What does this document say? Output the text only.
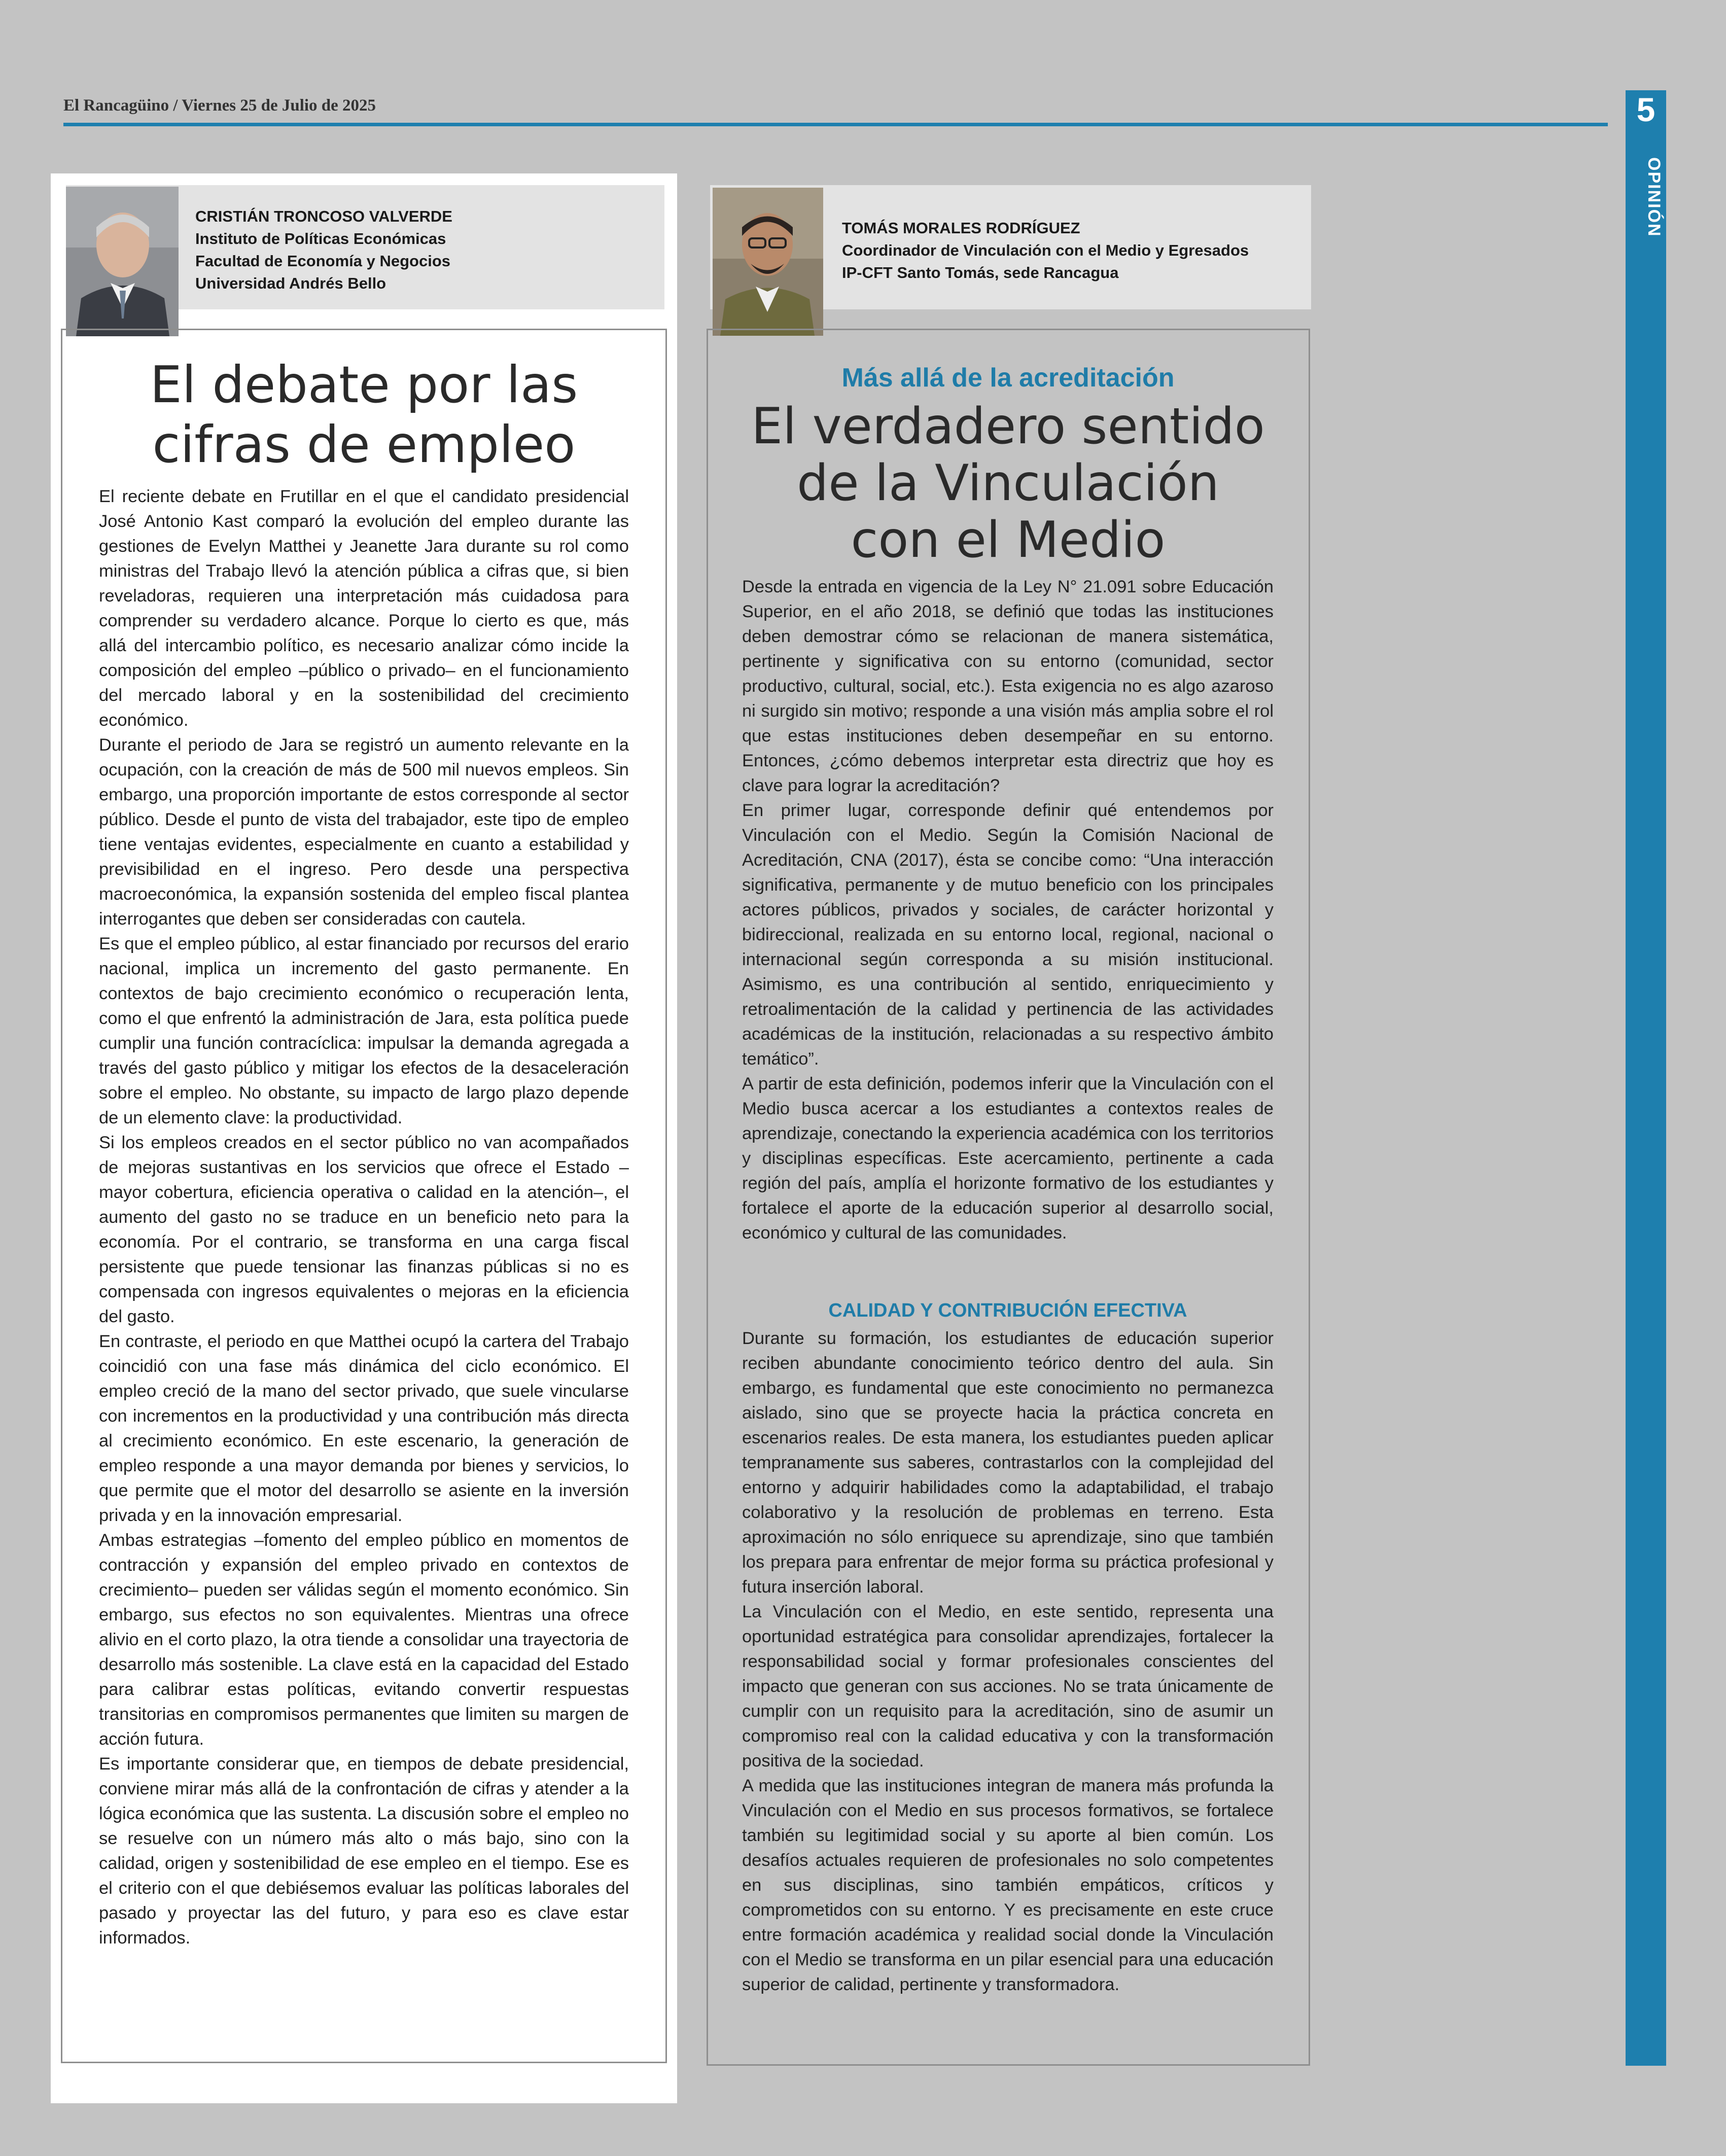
El Rancagüino / Viernes 25 de Julio de 2025	5
OPINIÓN
CRISTIÁN TRONCOSO VALVERDE
Instituto de Políticas Económicas
Facultad de Economía y Negocios
Universidad Andrés Bello
El debate por las
cifras de empleo

El reciente debate en Frutillar en el que el candidato presidencial José Antonio Kast comparó la evolución del empleo durante las gestiones de Evelyn Matthei y Jeanette Jara durante su rol como ministras del Trabajo llevó la atención pública a cifras que, si bien reveladoras, requieren una interpretación más cuidadosa para comprender su verdadero alcance. Porque lo cierto es que, más allá del intercambio político, es necesario analizar cómo incide la composición del empleo –público o privado– en el funcionamiento del mercado laboral y en la sostenibilidad del crecimiento económico.

Durante el periodo de Jara se registró un aumento relevante en la ocupación, con la creación de más de 500 mil nuevos empleos. Sin embargo, una proporción importante de estos corresponde al sector público. Desde el punto de vista del trabajador, este tipo de empleo tiene ventajas evidentes, especialmente en cuanto a estabilidad y previsibilidad en el ingreso. Pero desde una perspectiva macroeconómica, la expansión sostenida del empleo fiscal plantea interrogantes que deben ser consideradas con cautela.

Es que el empleo público, al estar financiado por recursos del erario nacional, implica un incremento del gasto permanente. En contextos de bajo crecimiento económico o recuperación lenta, como el que enfrentó la administración de Jara, esta política puede cumplir una función contracíclica: impulsar la demanda agregada a través del gasto público y mitigar los efectos de la desaceleración sobre el empleo. No obstante, su impacto de largo plazo depende de un elemento clave: la productividad.

Si los empleos creados en el sector público no van acompañados de mejoras sustantivas en los servicios que ofrece el Estado –mayor cobertura, eficiencia operativa o calidad en la atención–, el aumento del gasto no se traduce en un beneficio neto para la economía. Por el contrario, se transforma en una carga fiscal persistente que puede tensionar las finanzas públicas si no es compensada con ingresos equivalentes o mejoras en la eficiencia del gasto.

En contraste, el periodo en que Matthei ocupó la cartera del Trabajo coincidió con una fase más dinámica del ciclo económico. El empleo creció de la mano del sector privado, que suele vincularse con incrementos en la productividad y una contribución más directa al crecimiento económico. En este escenario, la generación de empleo responde a una mayor demanda por bienes y servicios, lo que permite que el motor del desarrollo se asiente en la inversión privada y en la innovación empresarial.

Ambas estrategias –fomento del empleo público en momentos de contracción y expansión del empleo privado en contextos de crecimiento– pueden ser válidas según el momento económico. Sin embargo, sus efectos no son equivalentes. Mientras una ofrece alivio en el corto plazo, la otra tiende a consolidar una trayectoria de desarrollo más sostenible. La clave está en la capacidad del Estado para calibrar estas políticas, evitando convertir respuestas transitorias en compromisos permanentes que limiten su margen de acción futura.

Es importante considerar que, en tiempos de debate presidencial, conviene mirar más allá de la confrontación de cifras y atender a la lógica económica que las sustenta. La discusión sobre el empleo no se resuelve con un número más alto o más bajo, sino con la calidad, origen y sostenibilidad de ese empleo en el tiempo. Ese es el criterio con el que debiésemos evaluar las políticas laborales del pasado y proyectar las del futuro, y para eso es clave estar informados.

TOMÁS MORALES RODRÍGUEZ
Coordinador de Vinculación con el Medio y Egresados
IP-CFT Santo Tomás, sede Rancagua
Más allá de la acreditación
El verdadero sentido
de la Vinculación
con el Medio

Desde la entrada en vigencia de la Ley N° 21.091 sobre Educación Superior, en el año 2018, se definió que todas las instituciones deben demostrar cómo se relacionan de manera sistemática, pertinente y significativa con su entorno (comunidad, sector productivo, cultural, social, etc.). Esta exigencia no es algo azaroso ni surgido sin motivo; responde a una visión más amplia sobre el rol que estas instituciones deben desempeñar en su entorno. Entonces, ¿cómo debemos interpretar esta directriz que hoy es clave para lograr la acreditación?

En primer lugar, corresponde definir qué entendemos por Vinculación con el Medio. Según la Comisión Nacional de Acreditación, CNA (2017), ésta se concibe como: “Una interacción significativa, permanente y de mutuo beneficio con los principales actores públicos, privados y sociales, de carácter horizontal y bidireccional, realizada en su entorno local, regional, nacional o internacional según corresponda a su misión institucional. Asimismo, es una contribución al sentido, enriquecimiento y retroalimentación de la calidad y pertinencia de las actividades académicas de la institución, relacionadas a su respectivo ámbito temático”.

A partir de esta definición, podemos inferir que la Vinculación con el Medio busca acercar a los estudiantes a contextos reales de aprendizaje, conectando la experiencia académica con los territorios y disciplinas específicas. Este acercamiento, pertinente a cada región del país, amplía el horizonte formativo de los estudiantes y fortalece el aporte de la educación superior al desarrollo social, económico y cultural de las comunidades.

CALIDAD Y CONTRIBUCIÓN EFECTIVA

Durante su formación, los estudiantes de educación superior reciben abundante conocimiento teórico dentro del aula. Sin embargo, es fundamental que este conocimiento no permanezca aislado, sino que se proyecte hacia la práctica concreta en escenarios reales. De esta manera, los estudiantes pueden aplicar tempranamente sus saberes, contrastarlos con la complejidad del entorno y adquirir habilidades como la adaptabilidad, el trabajo colaborativo y la resolución de problemas en terreno. Esta aproximación no sólo enriquece su aprendizaje, sino que también los prepara para enfrentar de mejor forma su práctica profesional y futura inserción laboral.

La Vinculación con el Medio, en este sentido, representa una oportunidad estratégica para consolidar aprendizajes, fortalecer la responsabilidad social y formar profesionales conscientes del impacto que generan con sus acciones. No se trata únicamente de cumplir con un requisito para la acreditación, sino de asumir un compromiso real con la calidad educativa y con la transformación positiva de la sociedad.

A medida que las instituciones integran de manera más profunda la Vinculación con el Medio en sus procesos formativos, se fortalece también su legitimidad social y su aporte al bien común. Los desafíos actuales requieren de profesionales no solo competentes en sus disciplinas, sino también empáticos, críticos y comprometidos con su entorno. Y es precisamente en este cruce entre formación académica y realidad social donde la Vinculación con el Medio se transforma en un pilar esencial para una educación superior de calidad, pertinente y transformadora.
